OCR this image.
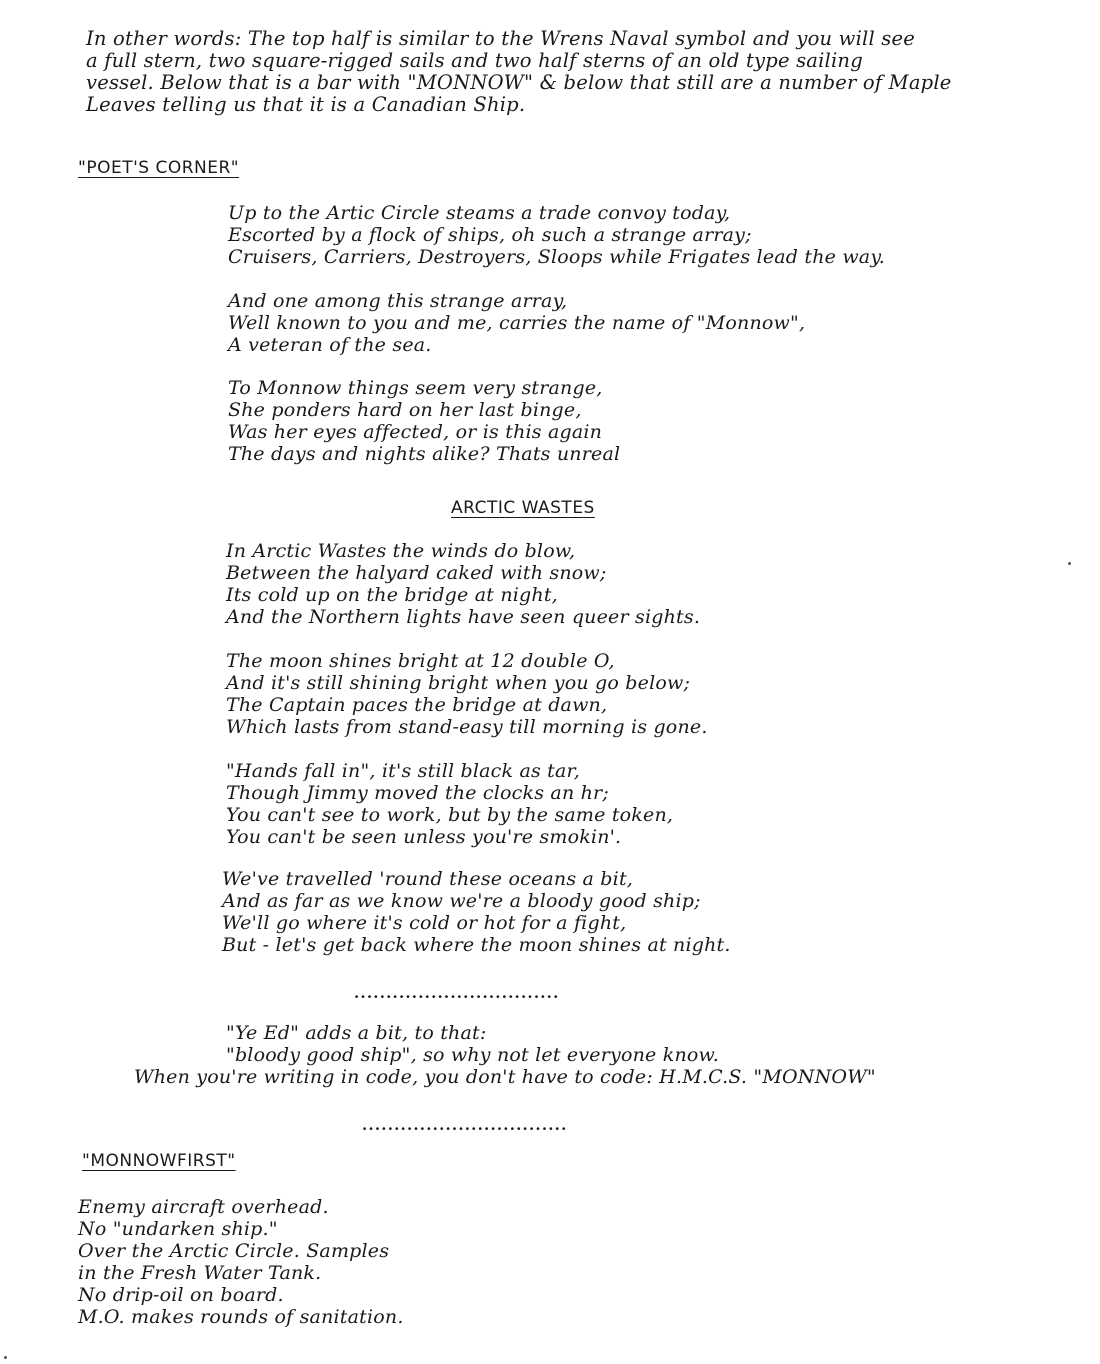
In other words: The top half is similar to the Wrens Naval symbol and you will see
a full stern, two square-rigged sails and two half sterns of an old type sailing
vessel. Below that is a bar with "MONNOW" & below that still are a number of Maple
Leaves telling us that it is a Canadian Ship.
"POET'S CORNER"
Up to the Artic Circle steams a trade convoy today,
Escorted by a flock of ships, oh such a strange array;
Cruisers, Carriers, Destroyers, Sloops while Frigates lead the way.
And one among this strange array,
Well known to you and me, carries the name of "Monnow",
A veteran of the sea.
To Monnow things seem very strange,
She ponders hard on her last binge,
Was her eyes affected, or is this again
The days and nights alike? Thats unreal
ARCTIC WASTES
In Arctic Wastes the winds do blow,
Between the halyard caked with snow;
Its cold up on the bridge at night,
And the Northern lights have seen queer sights.
The moon shines bright at 12 double O,
And it's still shining bright when you go below;
The Captain paces the bridge at dawn,
Which lasts from stand-easy till morning is gone.
"Hands fall in", it's still black as tar,
Though Jimmy moved the clocks an hr;
You can't see to work, but by the same token,
You can't be seen unless you're smokin'.
We've travelled 'round these oceans a bit,
And as far as we know we're a bloody good ship;
We'll go where it's cold or hot for a fight,
But - let's get back where the moon shines at night.
................................
"Ye Ed" adds a bit, to that:
"bloody good ship", so why not let everyone know.
When you're writing in code, you don't have to code: H.M.C.S. "MONNOW"
................................
"MONNOWFIRST"
Enemy aircraft overhead.
No "undarken ship."
Over the Arctic Circle. Samples
in the Fresh Water Tank.
No drip-oil on board.
M.O. makes rounds of sanitation.
